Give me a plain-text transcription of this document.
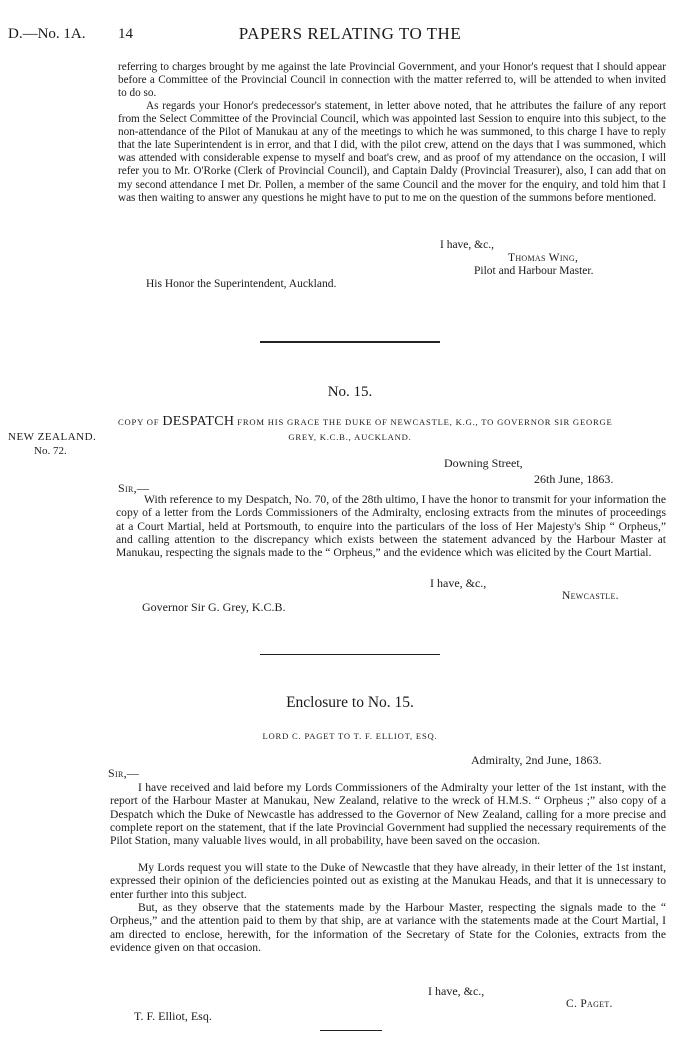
D.—No. 1A. 14	PAPERS RELATING TO THE

referring to charges brought by me against the late Provincial Government, and your Honor's request that I should appear before a Committee of the Provincial Council in connection with the matter referred to, will be attended to when invited to do so.

As regards your Honor's predecessor's statement, in letter above noted, that he attributes the failure of any report from the Select Committee of the Provincial Council, which was appointed last Session to enquire into this subject, to the non-attendance of the Pilot of Manukau at any of the meetings to which he was summoned, to this charge I have to reply that the late Superintendent is in error, and that I did, with the pilot crew, attend on the days that I was summoned, which was attended with considerable expense to myself and boat's crew, and as proof of my attendance on the occasion, I will refer you to Mr. O'Rorke (Clerk of Provincial Council), and Captain Daldy (Provincial Treasurer), also, I can add that on my second attendance I met Dr. Pollen, a member of the same Council and the mover for the enquiry, and told him that I was then waiting to answer any questions he might have to put to me on the question of the summons before mentioned.

I have, &c.,
Thomas Wing,
Pilot and Harbour Master.
His Honor the Superintendent, Auckland.
No. 15.
COPY OF DESPATCH FROM HIS GRACE THE DUKE OF NEWCASTLE, K.G., TO GOVERNOR SIR GEORGE
GREY, K.C.B., AUCKLAND.
NEW ZEALAND.
No. 72.
Downing Street,
26th June, 1863.
Sir,—

With reference to my Despatch, No. 70, of the 28th ultimo, I have the honor to transmit for your information the copy of a letter from the Lords Commissioners of the Admiralty, enclosing extracts from the minutes of proceedings at a Court Martial, held at Portsmouth, to enquire into the particulars of the loss of Her Majesty's Ship “ Orpheus,” and calling attention to the discrepancy which exists between the statement advanced by the Harbour Master at Manukau, respecting the signals made to the “ Orpheus,” and the evidence which was elicited by the Court Martial.

I have, &c.,
Newcastle.
Governor Sir G. Grey, K.C.B.
Enclosure to No. 15.
LORD C. PAGET TO T. F. ELLIOT, ESQ.
Admiralty, 2nd June, 1863.
Sir,—

I have received and laid before my Lords Commissioners of the Admiralty your letter of the 1st instant, with the report of the Harbour Master at Manukau, New Zealand, relative to the wreck of H.M.S. “ Orpheus ;” also copy of a Despatch which the Duke of Newcastle has addressed to the Governor of New Zealand, calling for a more precise and complete report on the statement, that if the late Provincial Government had supplied the necessary requirements of the Pilot Station, many valuable lives would, in all probability, have been saved on the occasion.

My Lords request you will state to the Duke of Newcastle that they have already, in their letter of the 1st instant, expressed their opinion of the deficiencies pointed out as existing at the Manukau Heads, and that it is unnecessary to enter further into this subject.

But, as they observe that the statements made by the Harbour Master, respecting the signals made to the “ Orpheus,” and the attention paid to them by that ship, are at variance with the statements made at the Court Martial, I am directed to enclose, herewith, for the information of the Secretary of State for the Colonies, extracts from the evidence given on that occasion.

I have, &c.,
C. Paget.
T. F. Elliot, Esq.
